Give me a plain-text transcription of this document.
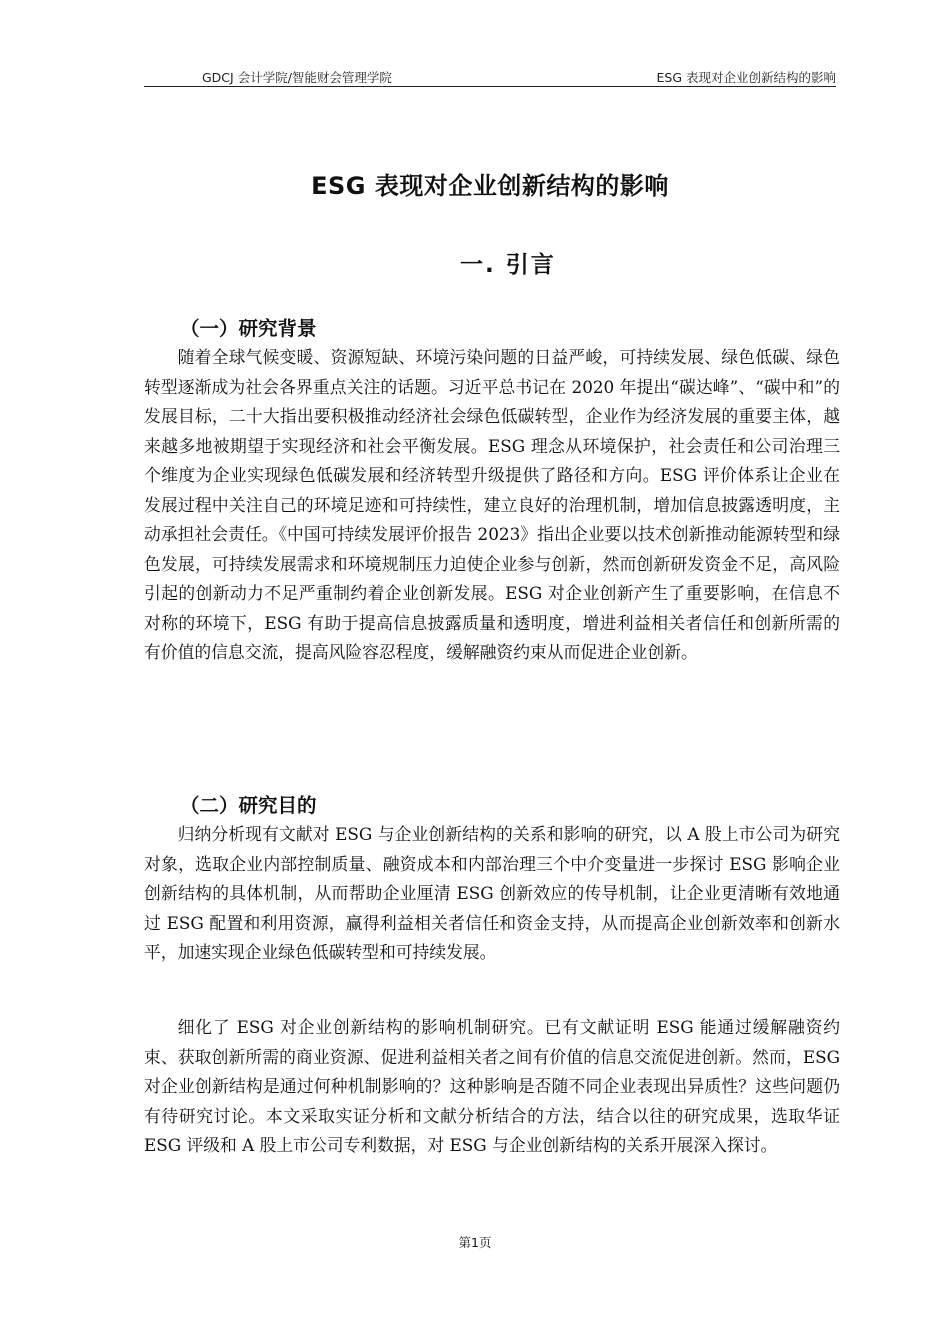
GDCJ 会计学院/智能财会管理学院	ESG 表现对企业创新结构的影响
ESG 表现对企业创新结构的影响
一. 引言
（一）研究背景

随着全球气候变暖、资源短缺、环境污染问题的日益严峻，可持续发展、绿色低碳、绿色转型逐渐成为社会各界重点关注的话题。习近平总书记在 2020 年提出“碳达峰”、“碳中和”的发展目标，二十大指出要积极推动经济社会绿色低碳转型，企业作为经济发展的重要主体，越来越多地被期望于实现经济和社会平衡发展。ESG 理念从环境保护，社会责任和公司治理三个维度为企业实现绿色低碳发展和经济转型升级提供了路径和方向。ESG 评价体系让企业在发展过程中关注自己的环境足迹和可持续性，建立良好的治理机制，增加信息披露透明度，主动承担社会责任。《中国可持续发展评价报告 2023》指出企业要以技术创新推动能源转型和绿色发展，可持续发展需求和环境规制压力迫使企业参与创新，然而创新研发资金不足，高风险引起的创新动力不足严重制约着企业创新发展。ESG 对企业创新产生了重要影响，在信息不对称的环境下，ESG 有助于提高信息披露质量和透明度，增进利益相关者信任和创新所需的有价值的信息交流，提高风险容忍程度，缓解融资约束从而促进企业创新。

（二）研究目的

归纳分析现有文献对 ESG 与企业创新结构的关系和影响的研究，以 A 股上市公司为研究对象，选取企业内部控制质量、融资成本和内部治理三个中介变量进一步探讨 ESG 影响企业创新结构的具体机制，从而帮助企业厘清 ESG 创新效应的传导机制，让企业更清晰有效地通过 ESG 配置和利用资源，赢得利益相关者信任和资金支持，从而提高企业创新效率和创新水平，加速实现企业绿色低碳转型和可持续发展。

细化了 ESG 对企业创新结构的影响机制研究。已有文献证明 ESG 能通过缓解融资约束、获取创新所需的商业资源、促进利益相关者之间有价值的信息交流促进创新。然而，ESG 对企业创新结构是通过何种机制影响的？这种影响是否随不同企业表现出异质性？这些问题仍有待研究讨论。本文采取实证分析和文献分析结合的方法，结合以往的研究成果，选取华证 ESG 评级和 A 股上市公司专利数据，对 ESG 与企业创新结构的关系开展深入探讨。

第1页
